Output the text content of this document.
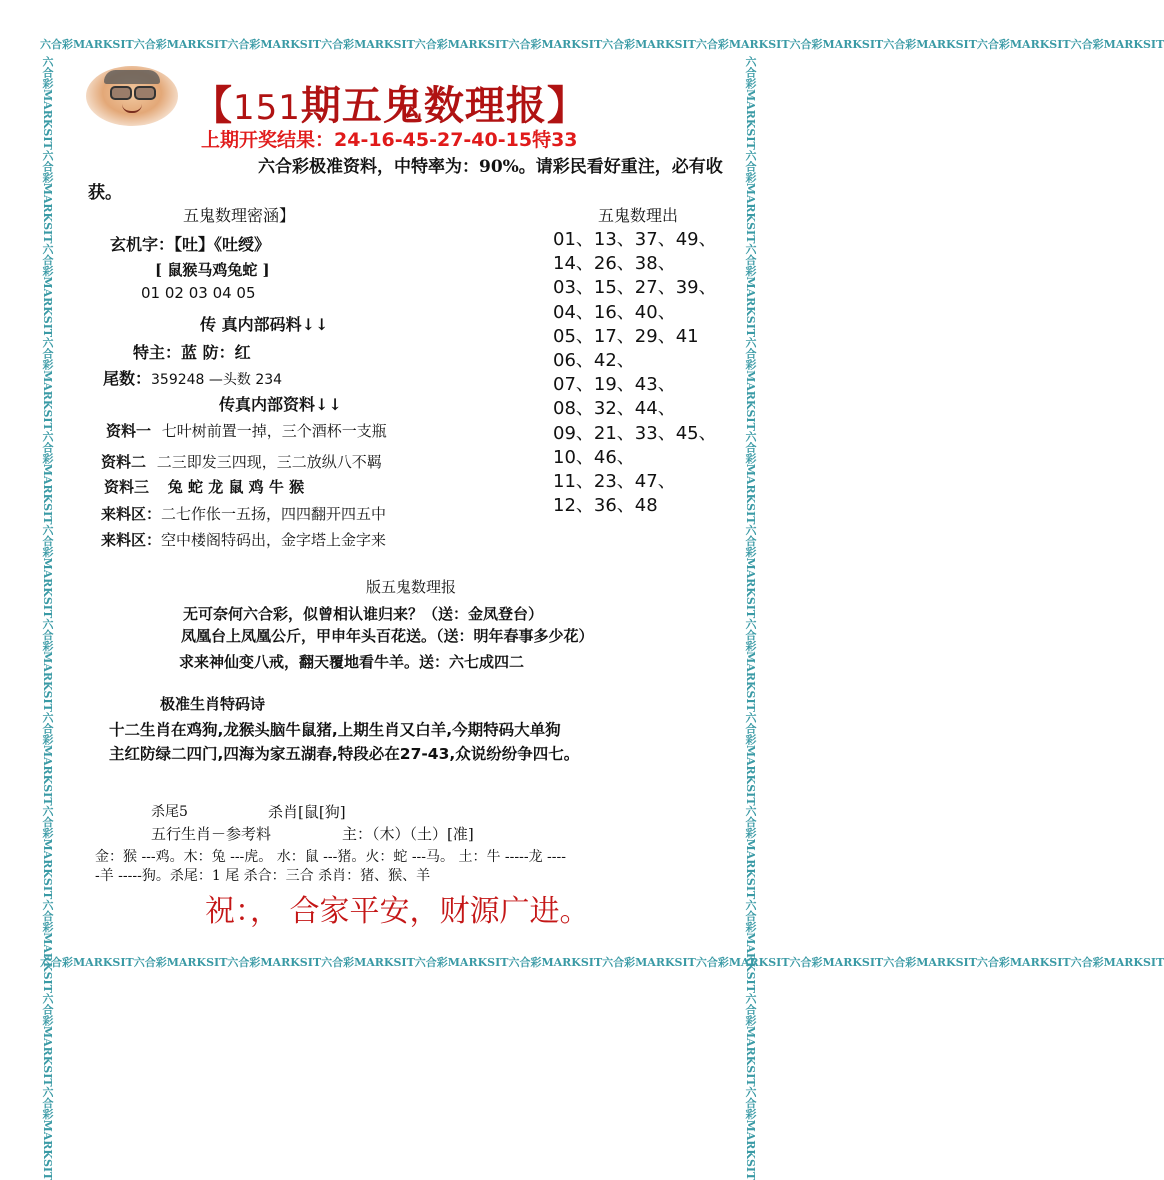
六合彩MARKSIT六合彩MARKSIT六合彩MARKSIT六合彩MARKSIT六合彩MARKSIT六合彩MARKSIT六合彩MARKSIT六合彩MARKSIT六合彩MARKSIT六合彩MARKSIT六合彩MARKSIT六合彩MARKSIT
六合彩MARKSIT六合彩MARKSIT六合彩MARKSIT六合彩MARKSIT六合彩MARKSIT六合彩MARKSIT六合彩MARKSIT六合彩MARKSIT六合彩MARKSIT六合彩MARKSIT六合彩MARKSIT六合彩MARKSIT
六合彩MARKSIT六合彩MARKSIT六合彩MARKSIT六合彩MARKSIT六合彩MARKSIT六合彩MARKSIT六合彩MARKSIT六合彩MARKSIT六合彩MARKSIT六合彩MARKSIT六合彩MARKSIT六合彩MARKSIT	六合彩MARKSIT六合彩MARKSIT六合彩MARKSIT六合彩MARKSIT六合彩MARKSIT六合彩MARKSIT六合彩MARKSIT六合彩MARKSIT六合彩MARKSIT六合彩MARKSIT六合彩MARKSIT六合彩MARKSIT
【151期五鬼数理报】
上期开奖结果：24-16-45-27-40-15特33
六合彩极准资料，中特率为：90%。请彩民看好重注，必有收
获。
五鬼数理密涵】
玄机字：【吐】《吐绶》
[ 鼠猴马鸡兔蛇 ]
01 02 03 04 05
传 真内部码料↓↓
特主：蓝 防：红
尾数：359248 —头数 234
传真内部资料↓↓
资料一 七叶树前置一掉，三个酒杯一支瓶
资料二 二三即发三四现，三二放纵八不羁
资料三 兔 蛇 龙 鼠 鸡 牛 猴
来料区：二七作伥一五扬，四四翻开四五中
来料区：空中楼阁特码出，金字塔上金字来
五鬼数理出
01、13、37、49、
14、26、38、
03、15、27、39、
04、16、40、
05、17、29、41
06、42、
07、19、43、
08、32、44、
09、21、33、45、
10、46、
11、23、47、
12、36、48
版五鬼数理报
无可奈何六合彩，似曾相认谁归来？（送：金凤登台）
凤凰台上凤凰公斤，甲申年头百花送。（送：明年春事多少花）
求来神仙变八戒，翻天覆地看牛羊。送：六七成四二
极准生肖特码诗
十二生肖在鸡狗,龙猴头脑牛鼠猪,上期生肖又白羊,今期特码大单狗
主红防绿二四门,四海为家五湖春,特段必在27-43,众说纷纷争四七。
杀尾5	杀肖[鼠[狗]
五行生肖－参考料	主：（木）（土）[准]
金：猴 ---鸡。木：兔 ---虎。 水：鼠 ---猪。火：蛇 ---马。 土：牛 -----龙 ----
-羊 -----狗。杀尾：1 尾 杀合：三合 杀肖：猪、猴、羊
祝：， 合家平安，财源广进。
